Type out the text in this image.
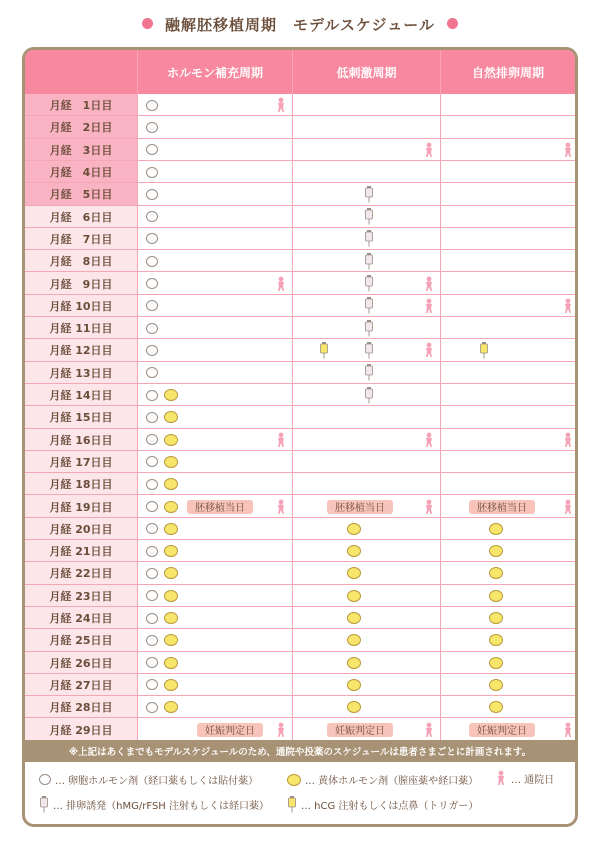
融解胚移植周期　モデルスケジュール
ホルモン補充周期	低刺激周期	自然排卵周期
月経　1日目
月経　2日目
月経　3日目
月経　4日目
月経　5日目
月経　6日目
月経　7日目
月経　8日目
月経　9日目
月経 10日目
月経 11日目
月経 12日目
月経 13日目
月経 14日目
月経 15日目
月経 16日目
月経 17日目
月経 18日目
月経 19日目	胚移植当日	胚移植当日	胚移植当日
月経 20日目
月経 21日目
月経 22日目
月経 23日目
月経 24日目
月経 25日目
月経 26日目
月経 27日目
月経 28日目
月経 29日目	妊娠判定日	妊娠判定日	妊娠判定日
※上記はあくまでもモデルスケジュールのため、通院や投薬のスケジュールは患者さまごとに計画されます。
… 卵胞ホルモン剤（経口薬もしくは貼付薬）	… 黄体ホルモン剤（膣座薬や経口薬）	… 通院日
… 排卵誘発（hMG/rFSH 注射もしくは経口薬）	… hCG 注射もしくは点鼻（トリガー）
